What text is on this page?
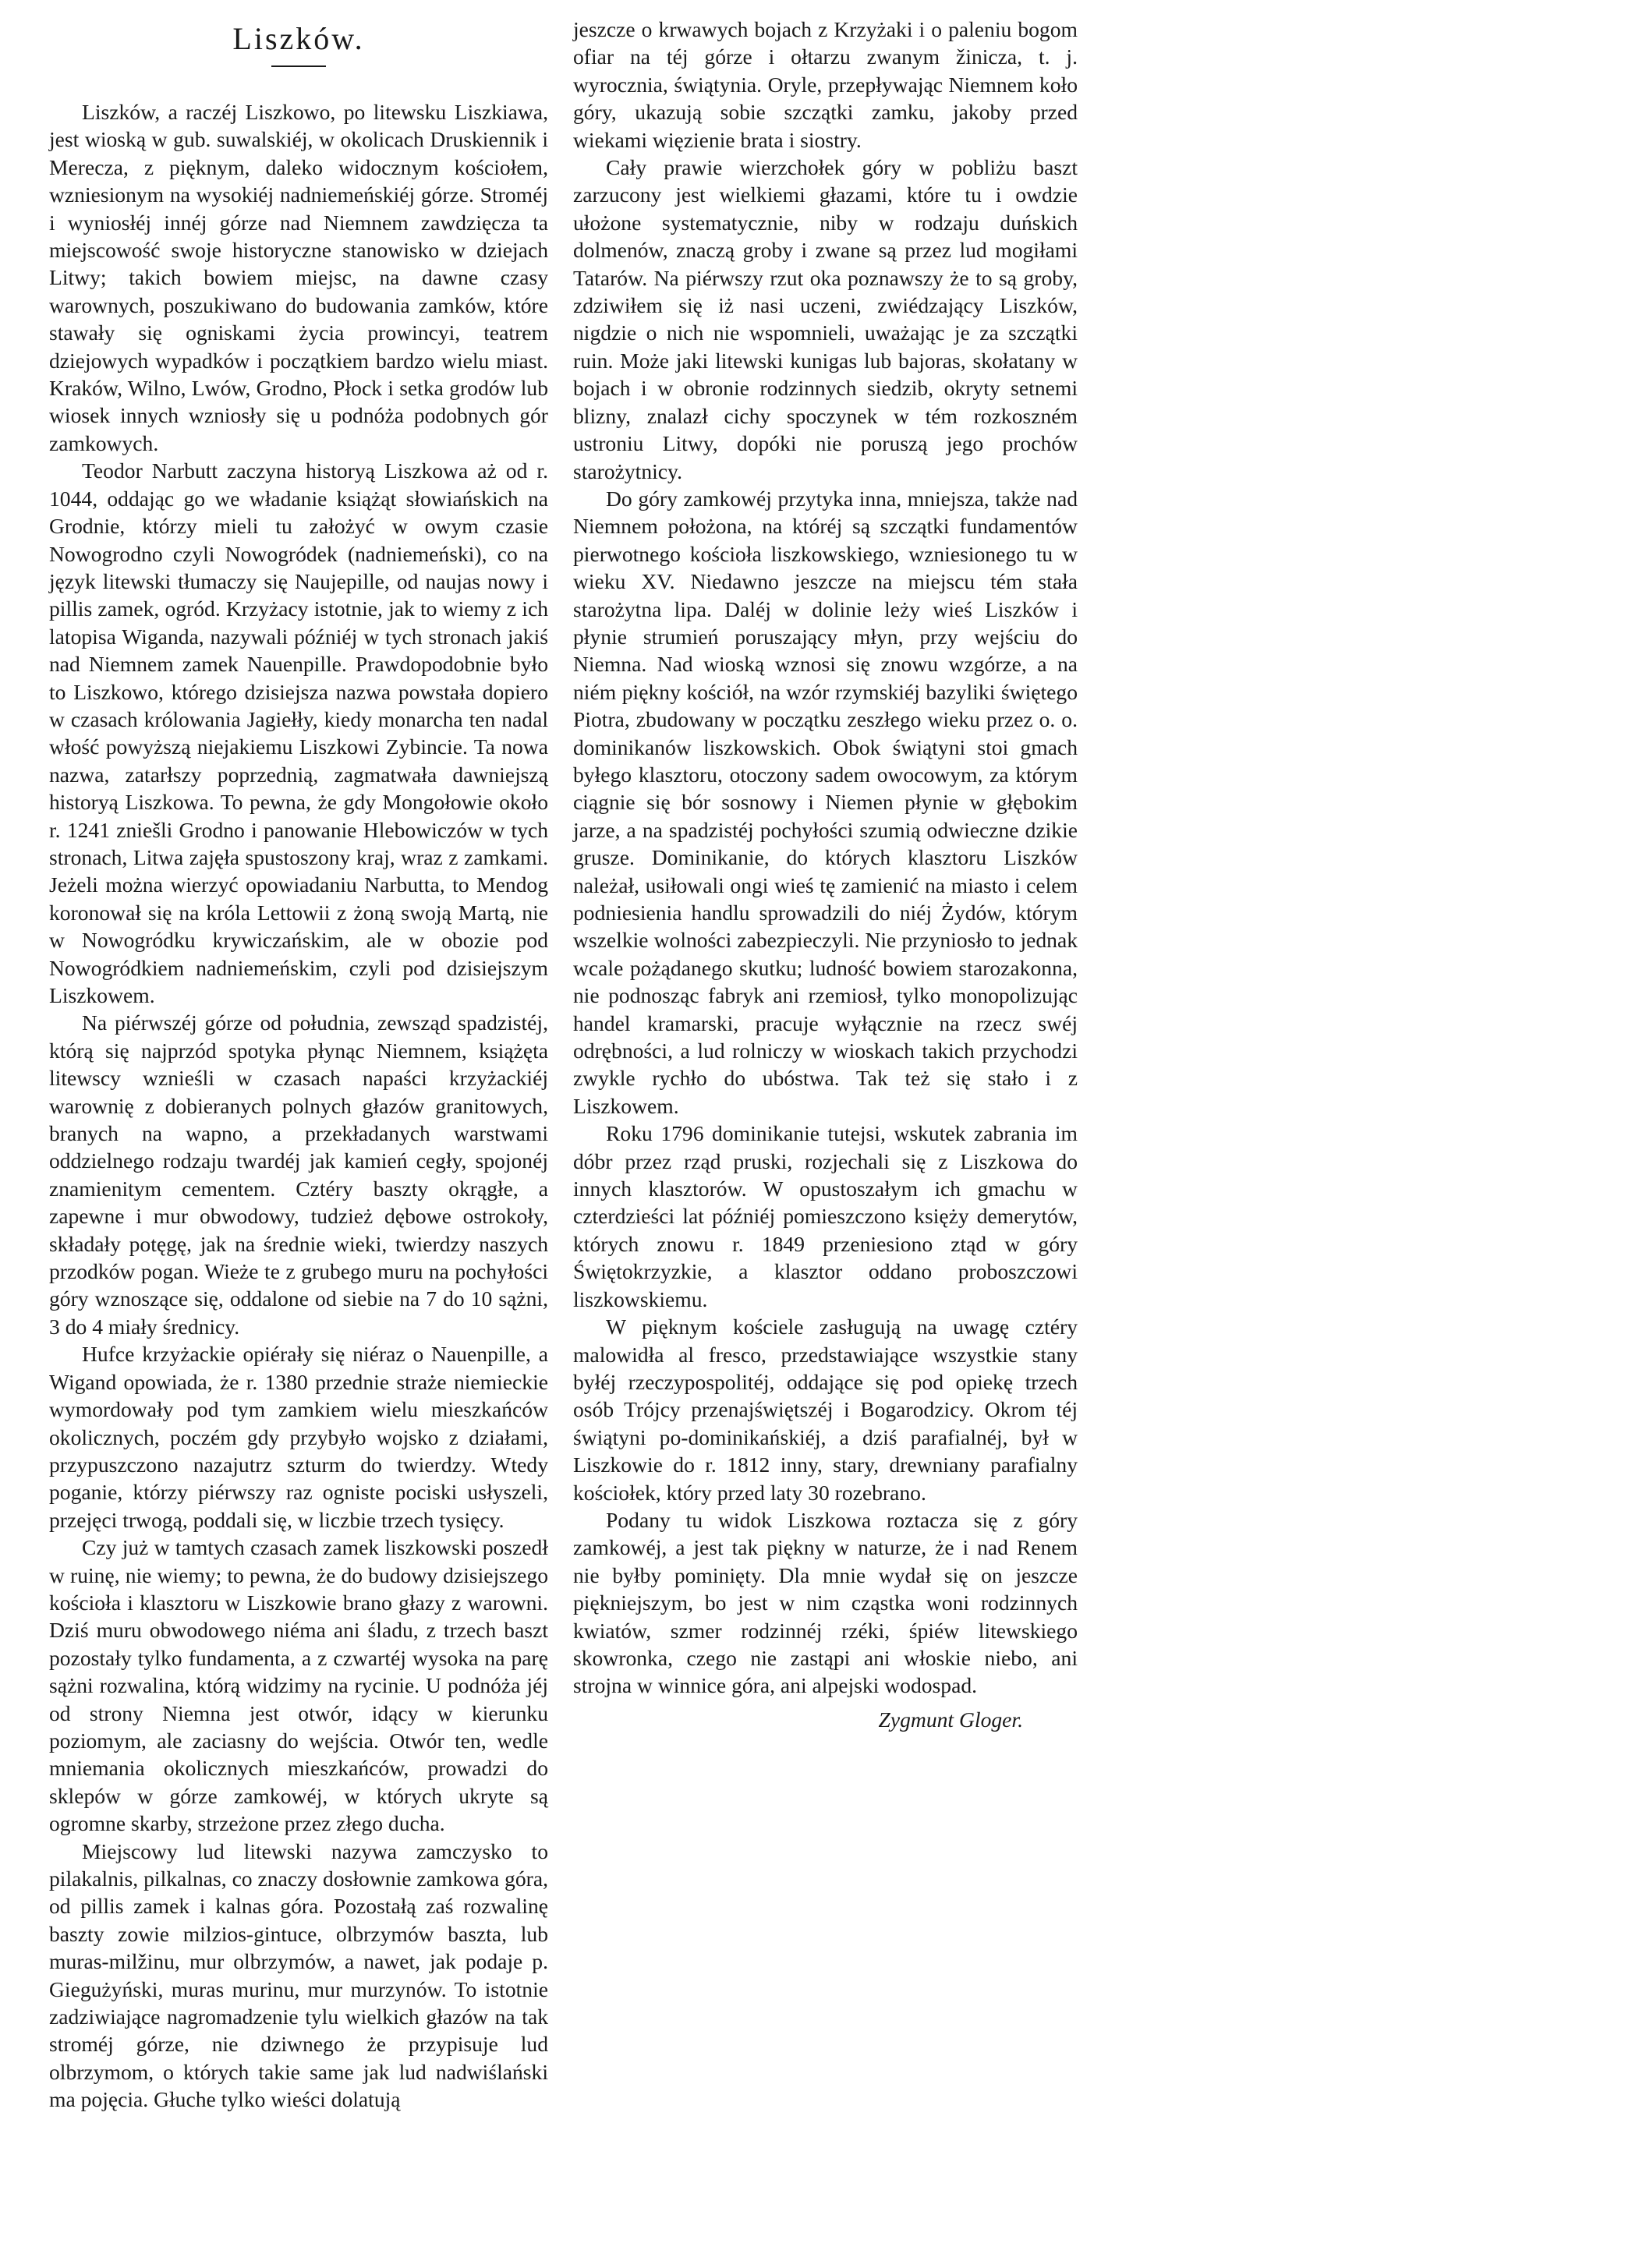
Liszków.

Liszków, a raczéj Liszkowo, po litewsku Liszkiawa, jest wioską w gub. suwalskiéj, w okolicach Druskiennik i Mereczа, z pięknym, daleko widocznym kościołem, wzniesionym na wysokiéj nadniemeńskiéj górze. Stroméj i wyniosłéj innéj górze nad Niemnem zawdzięcza ta miejscowość swoje historyczne stanowisko w dziejach Litwy; takich bowiem miejsc, na dawne czasy warownych, poszukiwano do budowania zamków, które stawały się ogniskami życia prowincyi, teatrem dziejowych wypadków i początkiem bardzo wielu miast. Kraków, Wilno, Lwów, Grodno, Płock i setka grodów lub wiosek innych wzniosły się u podnóża podobnych gór zamkowych.

Teodor Narbutt zaczyna historyą Liszkowa aż od r. 1044, oddając go we władanie książąt słowiańskich na Grodnie, którzy mieli tu założyć w owym czasie Nowogrodno czyli Nowogródek (nadniemeński), co na język litewski tłumaczy się Naujepille, od naujas nowy i pillis zamek, ogród. Krzyżacy istotnie, jak to wiemy z ich latopisa Wiganda, nazywali późniéj w tych stronach jakiś nad Niemnem zamek Nauenpille. Prawdopodobnie było to Liszkowo, którego dzisiejsza nazwa powstała dopiero w czasach królowania Jagiełły, kiedy monarcha ten nadal włość powyższą niejakiemu Liszkowi Zybincie. Ta nowa nazwa, zatarłszy poprzednią, zagmatwała dawniejszą historyą Liszkowa. To pewna, że gdy Mongołowie około r. 1241 zniešli Grodno i panowanie Hlebowiczów w tych stronach, Litwa zajęła spustoszony kraj, wraz z zamkami. Jeżeli można wierzyć opowiadaniu Narbutta, to Mendog koronował się na króla Lettowii z żoną swoją Martą, nie w Nowogródku krywiczańskim, ale w obozie pod Nowogródkiem nadniemeńskim, czyli pod dzisiejszym Liszkowem.

Na piérwszéj górze od południa, zewsząd spadzistéj, którą się najprzód spotyka płynąc Niemnem, książęta litewscy wznieśli w czasach napaści krzyżackiéj warownię z dobieranych polnych głazów granitowych, branych na wapno, a przekładanych warstwami oddzielnego rodzaju twardéj jak kamień cegły, spojonéj znamienitym cementem. Cztéry baszty okrągłe, a zapewne i mur obwodowy, tudzież dębowe ostrokoły, składały potęgę, jak na średnie wieki, twierdzy naszych przodków pogan. Wieże te z grubego muru na pochyłości góry wznoszące się, oddalone od siebie na 7 do 10 sążni, 3 do 4 miały średnicy.

Hufce krzyżackie opiérały się niéraz o Nauenpille, a Wigand opowiada, że r. 1380 przednie straże niemieckie wymordowały pod tym zamkiem wielu mieszkańców okolicznych, poczém gdy przybyło wojsko z działami, przypuszczono nazajutrz szturm do twierdzy. Wtedy poganie, którzy piérwszy raz ogniste pociski usłyszeli, przejęci trwogą, poddali się, w liczbie trzech tysięcy.

Czy już w tamtych czasach zamek liszkowski poszedł w ruinę, nie wiemy; to pewna, że do budowy dzisiejszego kościoła i klasztoru w Liszkowie brano głazy z warowni. Dziś muru obwodowego niéma ani śladu, z trzech baszt pozostały tylko fundamenta, a z czwartéj wysoka na parę sążni rozwalina, którą widzimy na rycinie. U podnóża jéj od strony Niemna jest otwór, idący w kierunku poziomym, ale zaciasny do wejścia. Otwór ten, wedle mniemania okolicznych mieszkańców, prowadzi do sklepów w górze zamkowéj, w których ukryte są ogromne skarby, strzeżone przez złego ducha.

Miejscowy lud litewski nazywa zamczysko to pilakalnis, pilkalnas, co znaczy dosłownie zamkowa góra, od pillis zamek i kalnas góra. Pozostałą zaś rozwalinę baszty zowie milzios-gintuce, olbrzymów baszta, lub muras-milžinu, mur olbrzymów, a nawet, jak podaje p. Giegużyński, muras murinu, mur murzynów. To istotnie zadziwiające nagromadzenie tylu wielkich głazów na tak stroméj górze, nie dziwnego że przypisuje lud olbrzymom, o których takie same jak lud nadwiślański ma pojęcia. Głuche tylko wieści dolatują

jeszcze o krwawych bojach z Krzyżaki i o paleniu bogom ofiar na téj górze i ołtarzu zwanym žinicza, t. j. wyrocznia, świątynia. Oryle, przepływając Niemnem koło góry, ukazują sobie szczątki zamku, jakoby przed wiekami więzienie brata i siostry.

Cały prawie wierzchołek góry w pobliżu baszt zarzucony jest wielkiemi głazami, które tu i owdzie ułożone systematycznie, niby w rodzaju duńskich dolmenów, znaczą groby i zwane są przez lud mogiłami Tatarów. Na piérwszy rzut oka poznawszy że to są groby, zdziwiłem się iż nasi uczeni, zwiédzający Liszków, nigdzie o nich nie wspomnieli, uważając je za szczątki ruin. Może jaki litewski kunigas lub bajoras, skołatany w bojach i w obronie rodzinnych siedzib, okryty setnemi blizny, znalazł cichy spoczynek w tém rozkoszném ustroniu Litwy, dopóki nie poruszą jego prochów starożytnicy.

Do góry zamkowéj przytyka inna, mniejsza, także nad Niemnem położona, na któréj są szczątki fundamentów pierwotnego kościoła liszkowskiego, wzniesionego tu w wieku XV. Niedawno jeszcze na miejscu tém stała starożytna lipa. Daléj w dolinie leży wieś Liszków i płynie strumień poruszający młyn, przy wejściu do Niemna. Nad wioską wznosi się znowu wzgórze, a na niém piękny kościół, na wzór rzymskiéj bazyliki świętego Piotra, zbudowany w początku zeszłego wieku przez o. o. dominikanów liszkowskich. Obok świątyni stoi gmach byłego klasztoru, otoczony sadem owocowym, za którym ciągnie się bór sosnowy i Niemen płynie w głębokim jarze, a na spadzistéj pochyłości szumią odwieczne dzikie grusze. Dominikanie, do których klasztoru Liszków należał, usiłowali ongi wieś tę zamienić na miasto i celem podniesienia handlu sprowadzili do niéj Żydów, którym wszelkie wolności zabezpieczyli. Nie przyniosło to jednak wcale pożądanego skutku; ludność bowiem starozakonna, nie podnosząc fabryk ani rzemiosł, tylko monopolizując handel kramarski, pracuje wyłącznie na rzecz swéj odrębności, a lud rolniczy w wioskach takich przychodzi zwykle rychło do ubóstwa. Tak też się stało i z Liszkowem.

Roku 1796 dominikanie tutejsi, wskutek zabrania im dóbr przez rząd pruski, rozjechali się z Liszkowa do innych klasztorów. W opustoszałym ich gmachu w czterdzieści lat późniéj pomieszczono księży demerytów, których znowu r. 1849 przeniesiono ztąd w góry Świętokrzyzkie, a klasztor oddano proboszczowi liszkowskiemu.

W pięknym kościele zasługują na uwagę cztéry malowidła al fresco, przedstawiające wszystkie stany byłéj rzeczypospolitéj, oddające się pod opiekę trzech osób Trójcy przenajświętszéj i Bogarodzicy. Okrom téj świątyni po-dominikańskiéj, a dziś parafialnéj, był w Liszkowie do r. 1812 inny, stary, drewniany parafialny kościołek, który przed laty 30 rozebrano.

Podany tu widok Liszkowa roztacza się z góry zamkowéj, a jest tak piękny w naturze, że i nad Renem nie byłby pominięty. Dla mnie wydał się on jeszcze piękniejszym, bo jest w nim cząstka woni rodzinnych kwiatów, szmer rodzinnéj rzéki, śpiéw litewskiego skowronka, czego nie zastąpi ani włoskie niebo, ani strojna w winnice góra, ani alpejski wodospad.

Zygmunt Gloger.
